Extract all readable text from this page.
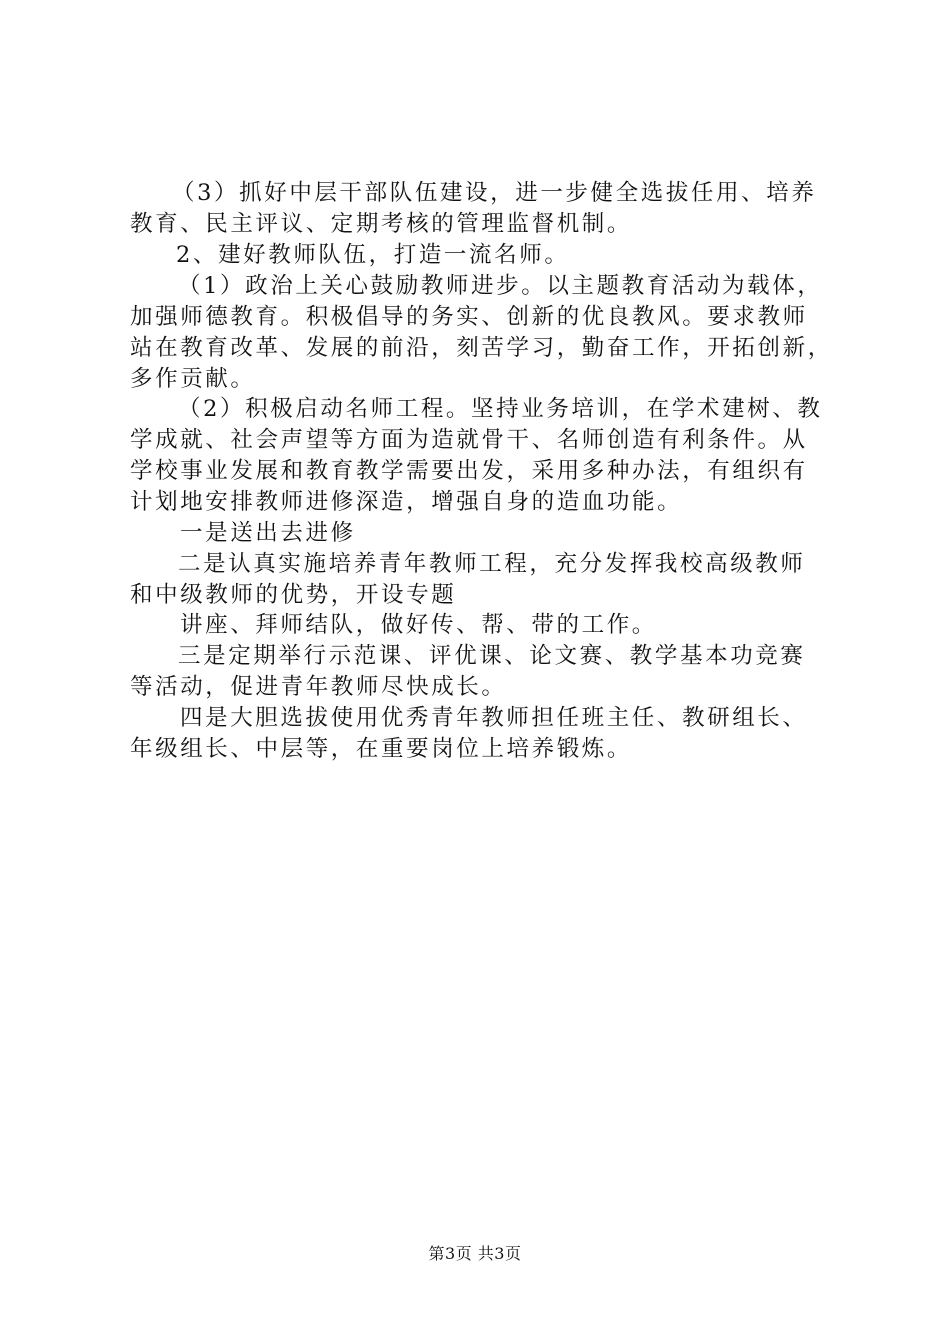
（3）抓好中层干部队伍建设，进一步健全选拔任用、培养
教育、民主评议、定期考核的管理监督机制。
2、建好教师队伍，打造一流名师。
（1）政治上关心鼓励教师进步。以主题教育活动为载体，
加强师德教育。积极倡导的务实、创新的优良教风。要求教师
站在教育改革、发展的前沿，刻苦学习，勤奋工作，开拓创新，
多作贡献。
（2）积极启动名师工程。坚持业务培训，在学术建树、教
学成就、社会声望等方面为造就骨干、名师创造有利条件。从
学校事业发展和教育教学需要出发，采用多种办法，有组织有
计划地安排教师进修深造，增强自身的造血功能。
一是送出去进修
二是认真实施培养青年教师工程，充分发挥我校高级教师
和中级教师的优势，开设专题
讲座、拜师结队，做好传、帮、带的工作。
三是定期举行示范课、评优课、论文赛、教学基本功竞赛
等活动，促进青年教师尽快成长。
四是大胆选拔使用优秀青年教师担任班主任、教研组长、
年级组长、中层等，在重要岗位上培养锻炼。
第3页 共3页
